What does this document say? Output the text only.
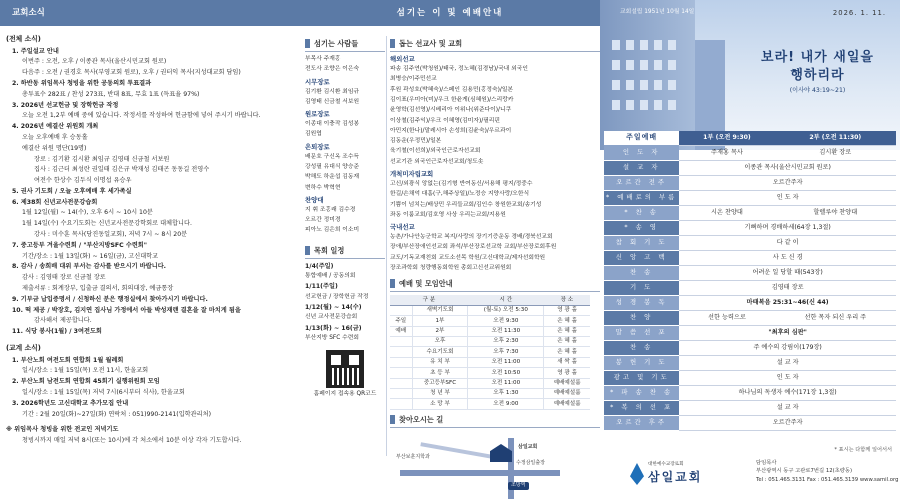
교회소식	섬기는 이 및 예배안내
(전체 소식)
1. 주일설교 안내
이번주 : 오전, 오후 / 이종관 목사(울산시민교회 원로)
다음주 : 오전 / 권경호 목사(부영교회 원로), 오후 / 권터익 목사(지성대교회 담임)
2. 하반동 위임목사 청빙을 위한 공동의회 투표결과
총투표수 282표 / 찬성 273표, 반대 8표, 무효 1표 (득표율 97%)
3. 2026년 선교헌금 및 장학헌금 작정
오늘 오전 1,2부 예배 중에 있습니다. 작정서를 작성하여 헌금함에 넣어 주시기 바랍니다.
4. 2026년 예결산 위원회 개최
오늘 오후예배 후 승동홀
예결산 위원 명단(19명)
장로 : 김기환 김시환 최임규 김영태 신금철 서보원
집사 : 김근더 최성란 권일태 김은규 박재성 김태곤 동동길 전영수
여전수 한상수 김두식 이명섭 유승우
5. 권사 기도회 / 오늘 오후예배 후 세가족실
6. 제38회 신년교사전문강습회
1월 12일(월) ~ 14(수), 오후 6시 ~ 10시 10분
1월 14일(수) 수요기도회는 신년교사전문강학회로 대체합니다.
강사 : 미수훈 목사(당진동일교회), 저녁 7시 ~ 8시 20분
7. 중고등부 겨울수련회 / "부산지방SFC 수련회"
기간/장소 : 1월 13일(화) ~ 16일(금), 고신대학교
8. 감사 / 송희배 대위 부서는 감사를 받으시기 바랍니다.
감사 : 김영태 장로 신금철 장로
제출서류 : 회계장부, 입출금 결의서, 회의대장, 예금통장
9. 기부금 납입증명서 / 신청하신 분은 행정실에서 찾아가시기 바랍니다.
10. 떡 제공 / 박장호, 김지연 집사님 가정에서 아들 박성재랜 결혼을 잘 마치게 됨을
감사해서 제공합니다.
11. 식당 봉사(1월) / 3여전도회
(교계 소식)
1. 부산노회 여전도회 연합회 1월 월례회
일시/장소 : 1월 15일(목) 오전 11시, 한울교회
2. 부산노회 남전도회 연합회 45회기 실행위원회 모임
일시/장소 : 1월 15일(목) 저녁 7시(6시부터 식사), 한울교회
3. 2026학년도 고신대학교 추가모집 안내
기간 : 2월 20일(화)~27일(화) 연락처 : 051)990-2141(입학관리처)
※ 위임목사 청빙을 위한 전교인 저녁기도
청빙시까지 매일 저녁 8시(또는 10시)에 각 처소에서 10분 이상 각자 기도합시다.
섬기는 사람들
부목사 주재홍
전도사 조향은 이은숙
시무장로
김기환 김시환 최임규
김영태 신금철 서보원
원로장로
이종대 이충작 김성봉
김원엽
은퇴장로
배문호 구신옥 조수득
강성필 유대식 양승준
박해도 하운섭 김동재
변하수 박혁현
찬양대
지 휘 조홍래 김수경
오르간 정미경
피아노 김은희 이소미
목회 일정
1/4(주일)
통합예배 / 공동의회
1/11(주일)
선교헌금 / 장학헌금 작정
1/12(월) ~ 14(수)
신년 교사전문강습회
1/13(화) ~ 16(금)
부산지방 SFC 수련회
홈페이지 접속용 QR코드
돕는 선교사 및 교회
해외선교
파송 김주연(박청원)/태국, 정노혜(김경남)/국내 외국인
최병승/이주민선교
후원 곽성호(박혜숙)/스페인 김용민(홍정숙)/일본
김이표(우미아(미)/우크 한윤게(심혜원)/스리랑카
윤영학(김선영)/시베리아 이위나(위준다이)/니쿠
이상철(김주익)/우크 이혜영(김미자)/필리핀
아민지(한나)/말레시아 손성희(김윤숙)/우르과이
김동운(우정민)/일본
육기철(이선희)/외국인근로자선교회
선교기관 외국인근로자선교회/청도솟
개척미자립교회
고신/외광식 앙없는(김기형 반여동신/서용해 평지/정중수
한길/손채억 대홈(구,해주상일)/노정승 지양사랑/오한식
기쁨이 넘치는/배상민 우리들교회/김인수 창원한교회/송기성
좌동 이룸교회/김호영 사상 우리는교회/지용원
국내선교
농촌/가나안농군학교 복지/사랑의 장기기증운동 경배/경북선교회
장애/부산장애인선교회 좌석/부산장로선교학 교회/부산장로회후원
교도/기독교재친회 교도소선목 학원/고신대학교/제자선회학원
장조과학회 청량행동회학원 총회고신선교위원회
예배 및 모임안내
구 분		시 간	장 소
	새벽기도회	(월-토) 오전 5:30	영 광 홀
주일	1부	오전 9:30	은 혜 홀
예배	2부	오전 11:30	은 혜 홀
	오후	오후 2:30	은 혜 홀
	수요기도회	오후 7:30	은 혜 홀
	유 치 부	오전 11:00	새 싹 홀
	초 등 부	오전 10:50	영 광 홀
	중고등부SFC	오전 11:00	예배예설룸
	청 년 부	오후 1:30	예배예설룸
	소 망 부	오전 9:00	예배예설룸
찾아오시는 길
부산보훈지학과
삼일교회
수정삼일출장
조방역
교회설립 1951년 10월 14일	2026. 1. 11.
보라! 내가 새일을
행하리라
(이사야 43:19~21)
주일예배	1부 (오전 9:30)	2부 (오전 11:30)
인 도 자	주재홍 목사	김시환 장로
설 교 자	이종관 목사(울산시민교회 원로)	
오르간 전주	오르간주자	
* 예배로의 부름	인 도 자	
* 찬 송	시온 찬양대	할렐루야 찬양대
* 송 영	기뻐하며 경배하세(64장 1,3절)	
참 회 기 도	다 같 이	
신 앙 고 백	사 도 신 경	
찬 송	어려운 일 당할 때(543장)	
기 도	김영태 장로	
성 경 봉 독	마태복음 25:31~46(신 44)	
찬 양	선한 능력으로	선한 목자 되신 우리 주
말 씀 선 포	"최후의 심판"	
찬 송	주 예수의 강림이(179장)	
봉 헌 기 도	설 교 자	
광고 및 기도	인 도 자	
* 파 송 찬 송	하나님의 독생자 예수(171장 1,3절)	
* 복 의 선 포	설 교 자	
오르간 후주	오르간주자	
* 표시는 다함께 일어서서
대한예수교장로회
삼일교회
담임목사
부산광역시 동구 고관로7번길 12(초량동)
Tel : 051.465.3131 Fax : 051.465.3139 www.samil.org
